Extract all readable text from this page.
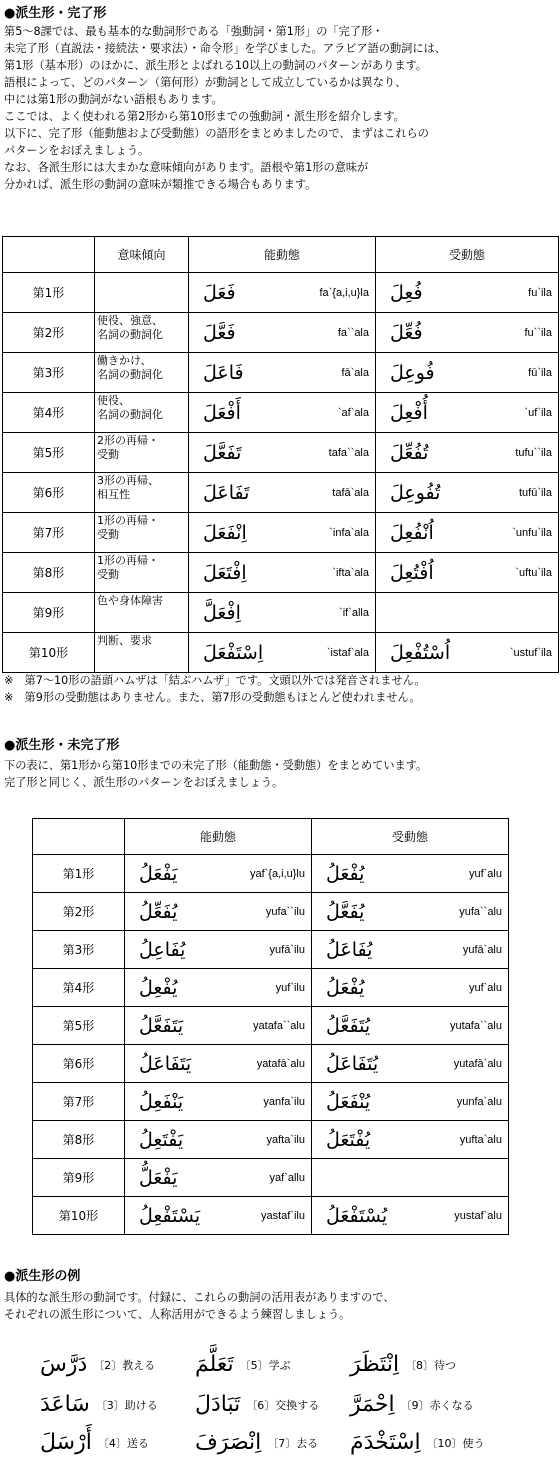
●派生形・完了形
第5～8課では、最も基本的な動詞形である「強動詞・第1形」の「完了形・
未完了形（直説法・接続法・要求法）・命令形」を学びました。アラビア語の動詞には、
第1形（基本形）のほかに、派生形とよばれる10以上の動詞のパターンがあります。
語根によって、どのパターン（第何形）が動詞として成立しているかは異なり、
中には第1形の動詞がない語根もあります。
ここでは、よく使われる第2形から第10形までの強動詞・派生形を紹介します。
以下に、完了形（能動態および受動態）の語形をまとめましたので、まずはこれらの
パターンをおぼえましょう。
なお、各派生形には大まかな意味傾向があります。語根や第1形の意味が
分かれば、派生形の動詞の意味が類推できる場合もあります。
	意味傾向	能動態	受動態
第1形		فَعَلَ fa`{a,i,u}la	فُعِلَ fu`ila

第2形	使役、強意、
名詞の動詞化	فَعَّلَ fa``ala	فُعِّلَ fu``ila

第3形	働きかけ、
名詞の動詞化	فَاعَلَ fā`ala	فُوعِلَ fū`ila

第4形	使役、
名詞の動詞化	أَفْعَلَ `af`ala	أُفْعِلَ `uf`ila

第5形	2形の再帰・
受動	تَفَعَّلَ tafa``ala	تُفُعِّلَ tufu``ila

第6形	3形の再帰、
相互性	تَفَاعَلَ tafā`ala	تُفُوعِلَ tufū`ila

第7形	1形の再帰・
受動	اِنْفَعَلَ `infa`ala	اُنْفُعِلَ `unfu`ila

第8形	1形の再帰・
受動	اِفْتَعَلَ `ifta`ala	اُفْتُعِلَ `uftu`ila

第9形	色や身体障害	اِفْعَلَّ `if`alla	

第10形	判断、要求	اِسْتَفْعَلَ `istaf`ala	اُسْتُفْعِلَ `ustuf`ila
※　第7～10形の語頭ハムザは「結ぶハムザ」です。文頭以外では発音されません。
※　第9形の受動態はありません。また、第7形の受動態もほとんど使われません。
●派生形・未完了形
下の表に、第1形から第10形までの未完了形（能動態・受動態）をまとめています。
完了形と同じく、派生形のパターンをおぼえましょう。
	能動態	受動態
第1形	يَفْعَلُ yaf`{a,i,u}lu	يُفْعَلُ yuf`alu

第2形	يُفَعِّلُ yufa``ilu	يُفَعَّلُ yufa``alu

第3形	يُفَاعِلُ yufā`ilu	يُفَاعَلُ yufā`alu

第4形	يُفْعِلُ yuf`ilu	يُفْعَلُ yuf`alu

第5形	يَتَفَعَّلُ yatafa``alu	يُتَفَعَّلُ yutafa``alu

第6形	يَتَفَاعَلُ yatafā`alu	يُتَفَاعَلُ yutafā`alu

第7形	يَنْفَعِلُ yanfa`ilu	يُنْفَعَلُ yunfa`alu

第8形	يَفْتَعِلُ yafta`ilu	يُفْتَعَلُ yufta`alu

第9形	يَفْعَلُّ yaf`allu	

第10形	يَسْتَفْعِلُ yastaf`ilu	يُسْتَفْعَلُ yustaf`alu
●派生形の例
具体的な派生形の動詞です。付録に、これらの動詞の活用表がありますので、
それぞれの派生形について、人称活用ができるよう練習しましょう。
دَرَّسَ 〔2〕教える تَعَلَّمَ 〔5〕学ぶ	اِنْتَظَرَ 〔8〕待つ
سَاعَدَ 〔3〕助ける تَبَادَلَ 〔6〕交換する اِحْمَرَّ 〔9〕赤くなる
أَرْسَلَ 〔4〕送る اِنْصَرَفَ 〔7〕去る اِسْتَخْدَمَ 〔10〕使う
